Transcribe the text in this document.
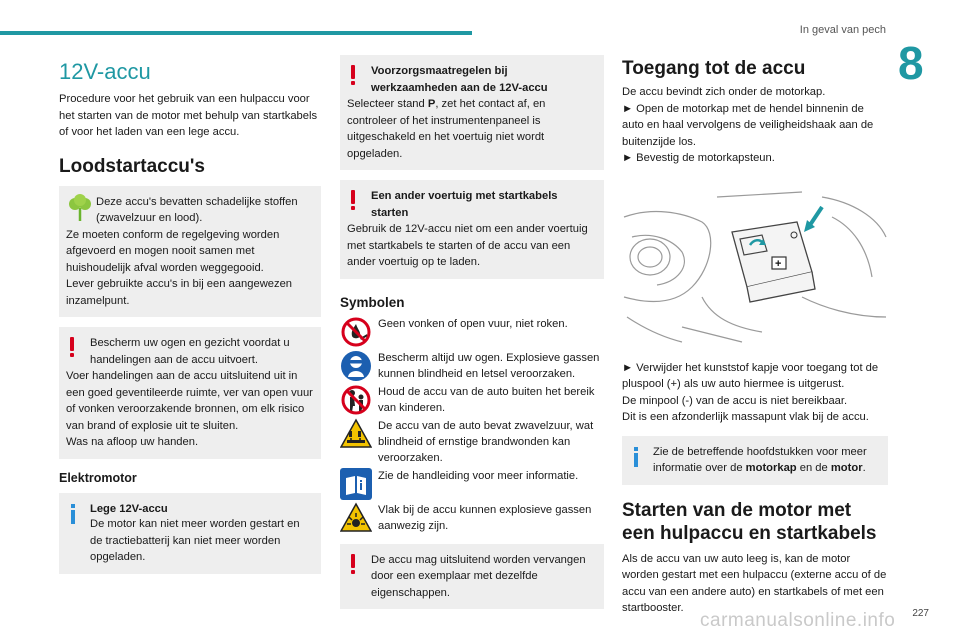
In geval van pech
8
12V-accu

Procedure voor het gebruik van een hulpaccu voor het starten van de motor met behulp van startkabels of voor het laden van een lege accu.

Loodstartaccu's

Deze accu's bevatten schadelijke stoffen (zwavelzuur en lood).

Ze moeten conform de regelgeving worden afgevoerd en mogen nooit samen met huishoudelijk afval worden weggegooid.

Lever gebruikte accu's in bij een aangewezen inzamelpunt.

Bescherm uw ogen en gezicht voordat u handelingen aan de accu uitvoert.

Voer handelingen aan de accu uitsluitend uit in een goed geventileerde ruimte, ver van open vuur of vonken veroorzakende bronnen, om elk risico van brand of explosie uit te sluiten.

Was na afloop uw handen.

Elektromotor

Lege 12V-accu

De motor kan niet meer worden gestart en de tractiebatterij kan niet meer worden opgeladen.

Voorzorgsmaatregelen bij werkzaamheden aan de 12V-accu

Selecteer stand P, zet het contact af, en controleer of het instrumentenpaneel is uitgeschakeld en het voertuig niet wordt opgeladen.

Een ander voertuig met startkabels starten

Gebruik de 12V-accu niet om een ander voertuig met startkabels te starten of de accu van een ander voertuig op te laden.

Symbolen
Geen vonken of open vuur, niet roken.
Bescherm altijd uw ogen. Explosieve gassen kunnen blindheid en letsel veroorzaken.
Houd de accu van de auto buiten het bereik van kinderen.
De accu van de auto bevat zwavelzuur, wat blindheid of ernstige brandwonden kan veroorzaken.
Zie de handleiding voor meer informatie.
Vlak bij de accu kunnen explosieve gassen aanwezig zijn.

De accu mag uitsluitend worden vervangen door een exemplaar met dezelfde eigenschappen.

Toegang tot de accu

De accu bevindt zich onder de motorkap.

► Open de motorkap met de hendel binnenin de auto en haal vervolgens de veiligheidshaak aan de buitenzijde los.

► Bevestig de motorkapsteun.

+

► Verwijder het kunststof kapje voor toegang tot de pluspool (+) als uw auto hiermee is uitgerust.

De minpool (-) van de accu is niet bereikbaar.

Dit is een afzonderlijk massapunt vlak bij de accu.

Zie de betreffende hoofdstukken voor meer informatie over de motorkap en de motor.

Starten van de motor met een hulpaccu en startkabels

Als de accu van uw auto leeg is, kan de motor worden gestart met een hulpaccu (externe accu of de accu van een andere auto) en startkabels of met een startbooster.

carmanualsonline.info 227
